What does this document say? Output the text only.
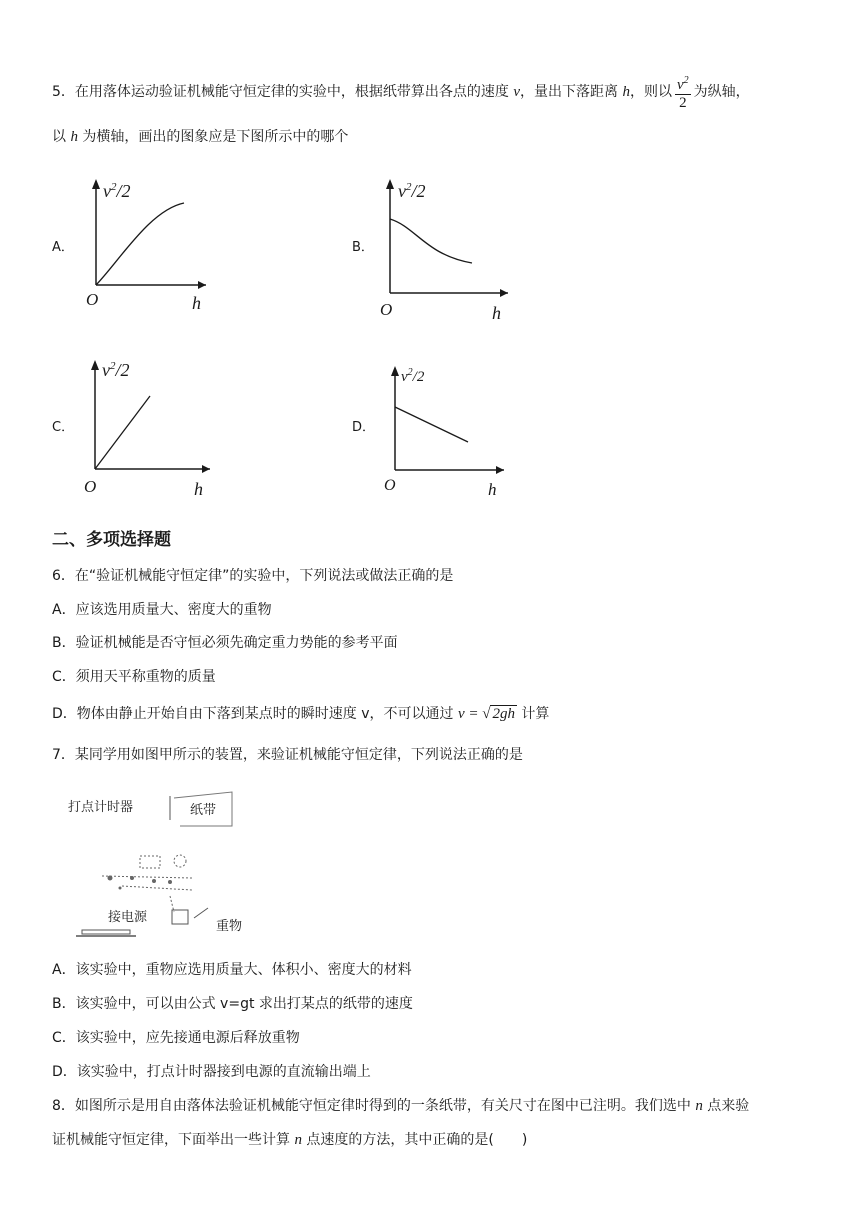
5．在用落体运动验证机械能守恒定律的实验中，根据纸带算出各点的速度 v，量出下落距离 h，则以 $\frac{v^2}{2}$ 为纵轴，
以 h 为横轴，画出的图象应是下图所示中的哪个
A．	B．
C．	D．
$v^2/2$
O	h
$v^2/2$
O	h
$v^2/2$
O	h
$v^2/2$
O	h
二、多项选择题
6．在“验证机械能守恒定律”的实验中，下列说法或做法正确的是
A．应该选用质量大、密度大的重物
B．验证机械能是否守恒必须先确定重力势能的参考平面
C．须用天平称重物的质量
D．物体由静止开始自由下落到某点时的瞬时速度 v，不可以通过 v = √ 2gh 计算
7．某同学用如图甲所示的装置，来验证机械能守恒定律，下列说法正确的是
打点计时器	纸带
接电源
重物
A．该实验中，重物应选用质量大、体积小、密度大的材料
B．该实验中，可以由公式 v=gt 求出打某点的纸带的速度
C．该实验中，应先接通电源后释放重物
D．该实验中，打点计时器接到电源的直流输出端上
8．如图所示是用自由落体法验证机械能守恒定律时得到的一条纸带，有关尺寸在图中已注明。我们选中 n 点来验
证机械能守恒定律，下面举出一些计算 n 点速度的方法，其中正确的是(　　)
